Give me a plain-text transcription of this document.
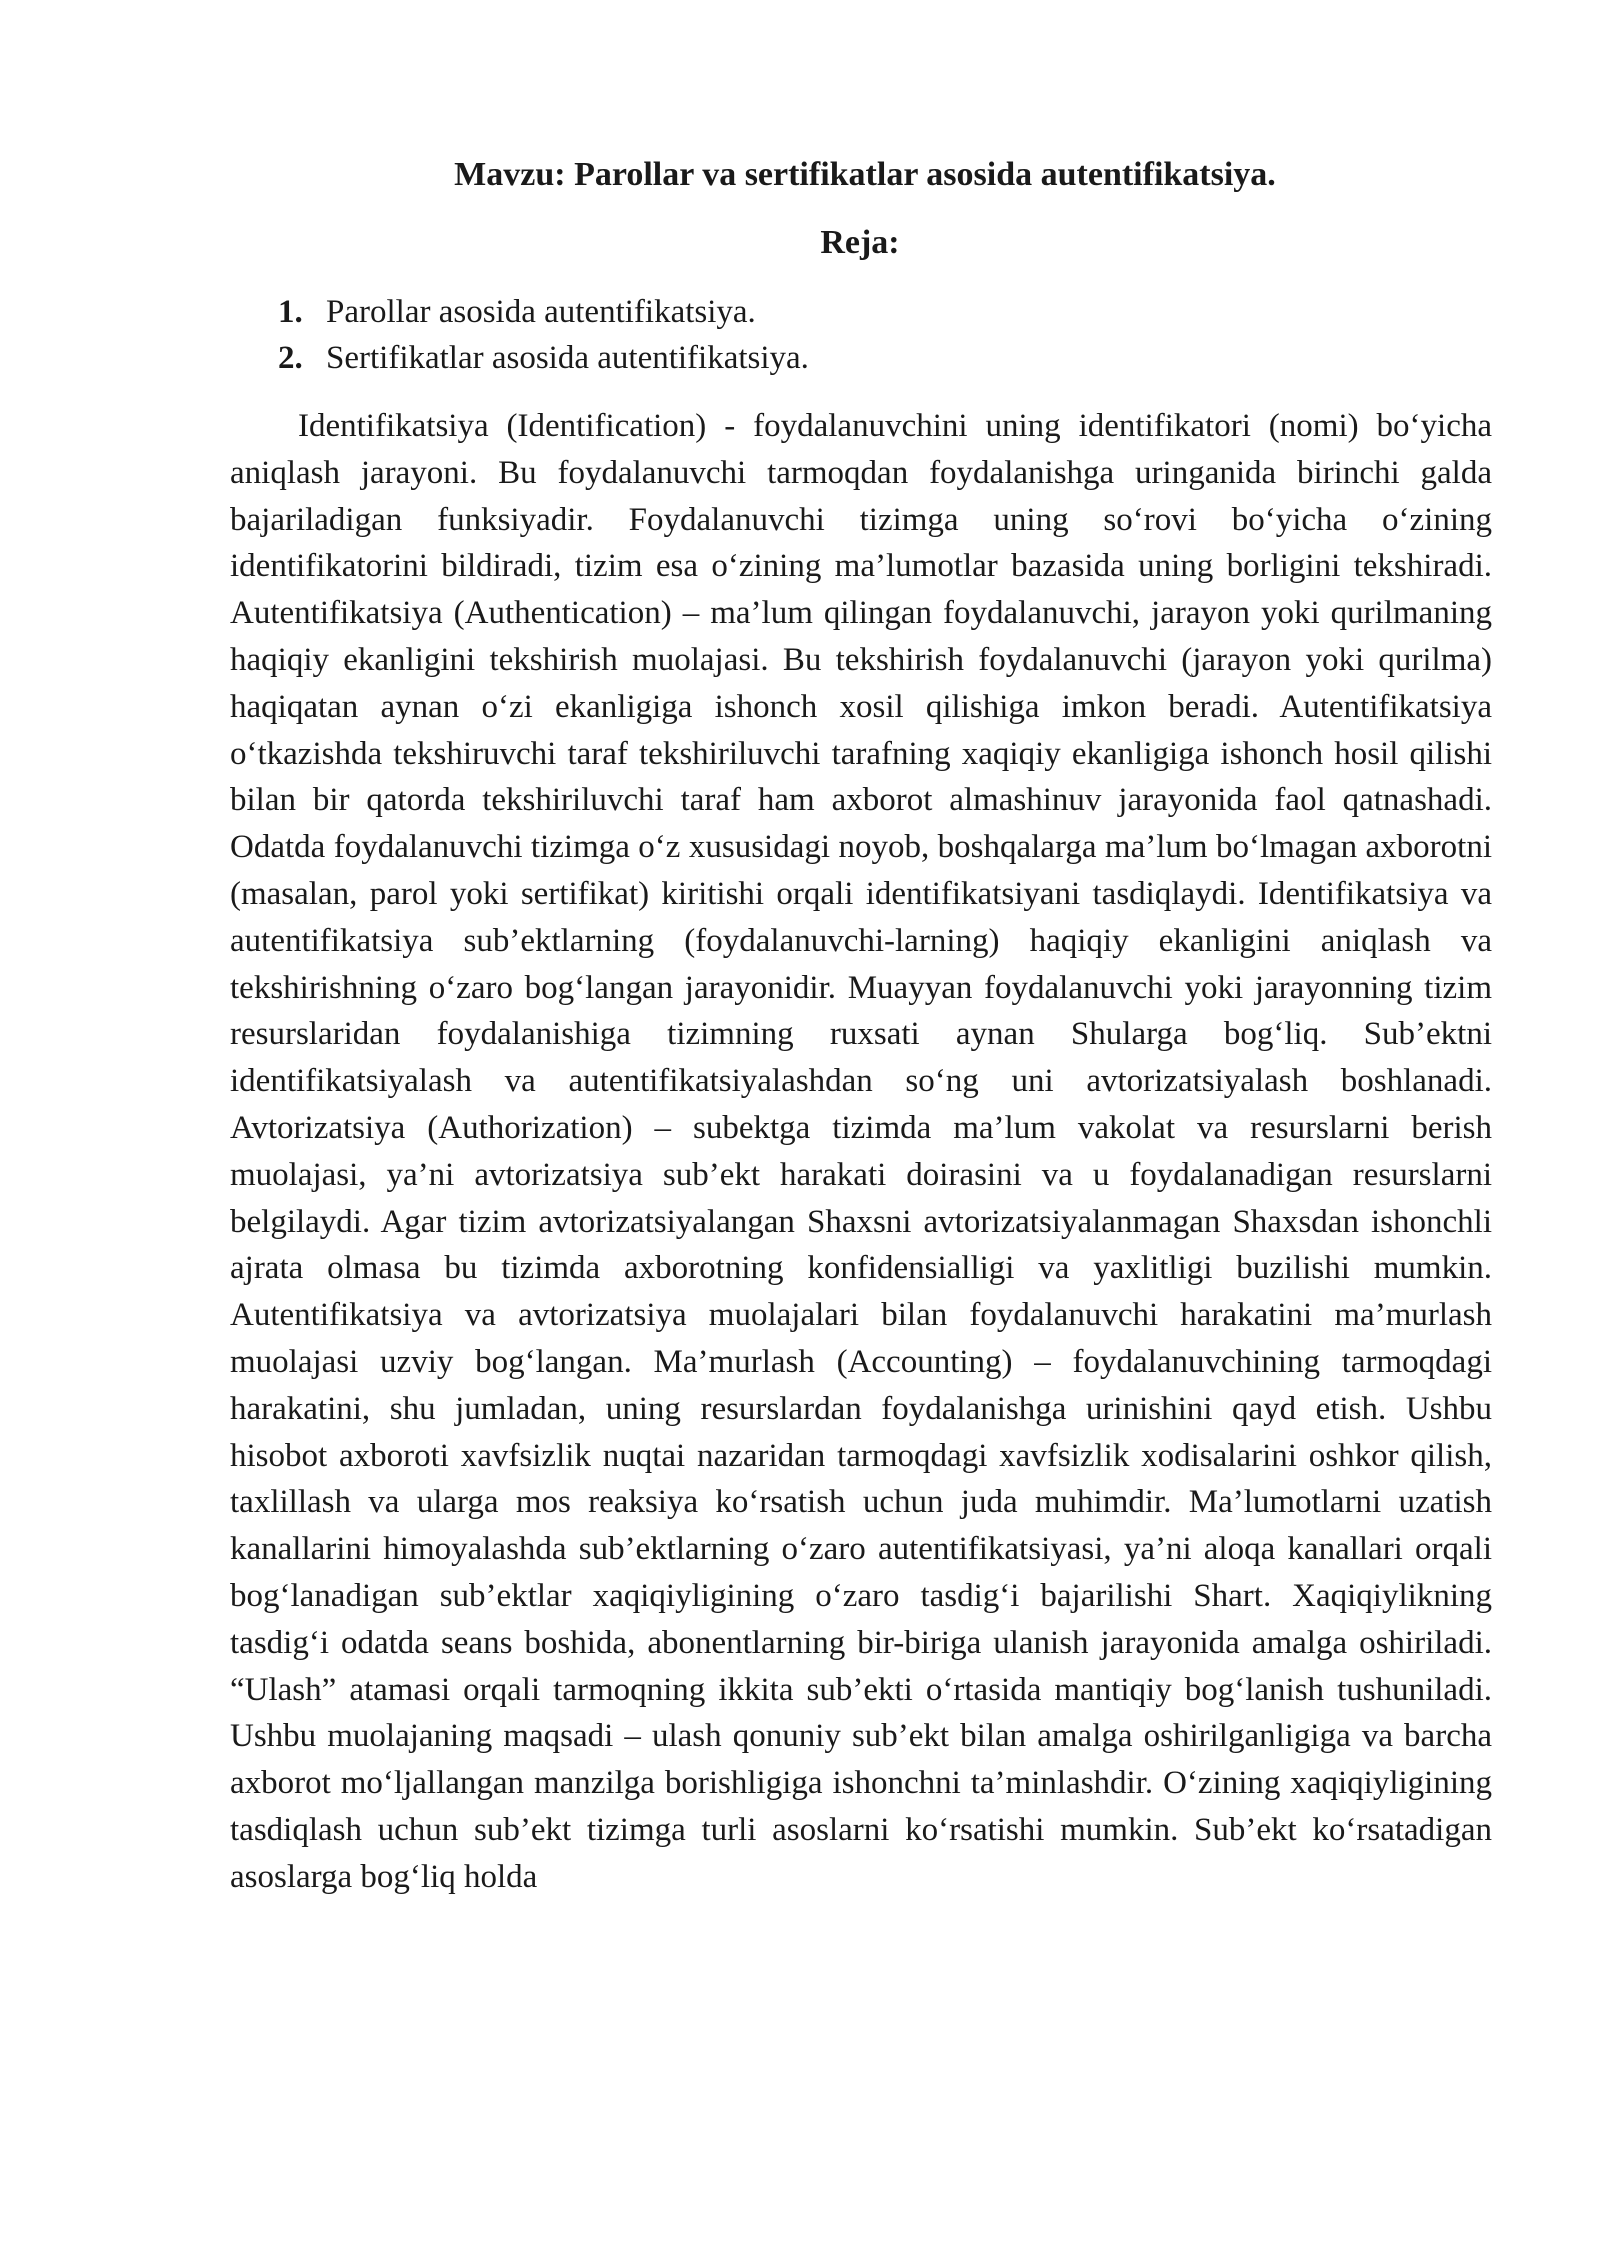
Mavzu: Parollar va sertifikatlar asosida autentifikatsiya.
Reja:
1. Parollar asosida autentifikatsiya.
2. Sertifikatlar asosida autentifikatsiya.

Identifikatsiya (Identification) - foydalanuvchini uning identifikatori (nomi) bo‘yicha aniqlash jarayoni. Bu foydalanuvchi tarmoqdan foydalanishga uringanida birinchi galda bajariladigan funksiyadir. Foydalanuvchi tizimga uning so‘rovi bo‘yicha o‘zining identifikatorini bildiradi, tizim esa o‘zining ma’lumotlar bazasida uning borligini tekshiradi. Autentifikatsiya (Authentication) – ma’lum qilingan foydalanuvchi, jarayon yoki qurilmaning haqiqiy ekanligini tekshirish muolajasi. Bu tekshirish foydalanuvchi (jarayon yoki qurilma) haqiqatan aynan o‘zi ekanligiga ishonch xosil qilishiga imkon beradi. Autentifikatsiya o‘tkazishda tekshiruvchi taraf tekshiriluvchi tarafning xaqiqiy ekanligiga ishonch hosil qilishi bilan bir qatorda tekshiriluvchi taraf ham axborot almashinuv jarayonida faol qatnashadi. Odatda foydalanuvchi tizimga o‘z xususidagi noyob, boshqalarga ma’lum bo‘lmagan axborotni (masalan, parol yoki sertifikat) kiritishi orqali identifikatsiyani tasdiqlaydi. Identifikatsiya va autentifikatsiya sub’ektlarning (foydalanuvchi-larning) haqiqiy ekanligini aniqlash va tekshirishning o‘zaro bog‘langan jarayonidir. Muayyan foydalanuvchi yoki jarayonning tizim resurslaridan foydalanishiga tizimning ruxsati aynan Shularga bog‘liq. Sub’ektni identifikatsiyalash va autentifikatsiyalashdan so‘ng uni avtorizatsiyalash boshlanadi. Avtorizatsiya (Authorization) – subektga tizimda ma’lum vakolat va resurslarni berish muolajasi, ya’ni avtorizatsiya sub’ekt harakati doirasini va u foydalanadigan resurslarni belgilaydi. Agar tizim avtorizatsiyalangan Shaxsni avtorizatsiyalanmagan Shaxsdan ishonchli ajrata olmasa bu tizimda axborotning konfidensialligi va yaxlitligi buzilishi mumkin. Autentifikatsiya va avtorizatsiya muolajalari bilan foydalanuvchi harakatini ma’murlash muolajasi uzviy bog‘langan. Ma’murlash (Accounting) – foydalanuvchining tarmoqdagi harakatini, shu jumladan, uning resurslardan foydalanishga urinishini qayd etish. Ushbu hisobot axboroti xavfsizlik nuqtai nazaridan tarmoqdagi xavfsizlik xodisalarini oshkor qilish, taxlillash va ularga mos reaksiya ko‘rsatish uchun juda muhimdir. Ma’lumotlarni uzatish kanallarini himoyalashda sub’ektlarning o‘zaro autentifikatsiyasi, ya’ni aloqa kanallari orqali bog‘lanadigan sub’ektlar xaqiqiyligining o‘zaro tasdig‘i bajarilishi Shart. Xaqiqiylikning tasdig‘i odatda seans boshida, abonentlarning bir-biriga ulanish jarayonida amalga oshiriladi. “Ulash” atamasi orqali tarmoqning ikkita sub’ekti o‘rtasida mantiqiy bog‘lanish tushuniladi. Ushbu muolajaning maqsadi – ulash qonuniy sub’ekt bilan amalga oshirilganligiga va barcha axborot mo‘ljallangan manzilga borishligiga ishonchni ta’minlashdir. O‘zining xaqiqiyligining tasdiqlash uchun sub’ekt tizimga turli asoslarni ko‘rsatishi mumkin. Sub’ekt ko‘rsatadigan asoslarga bog‘liq holda
